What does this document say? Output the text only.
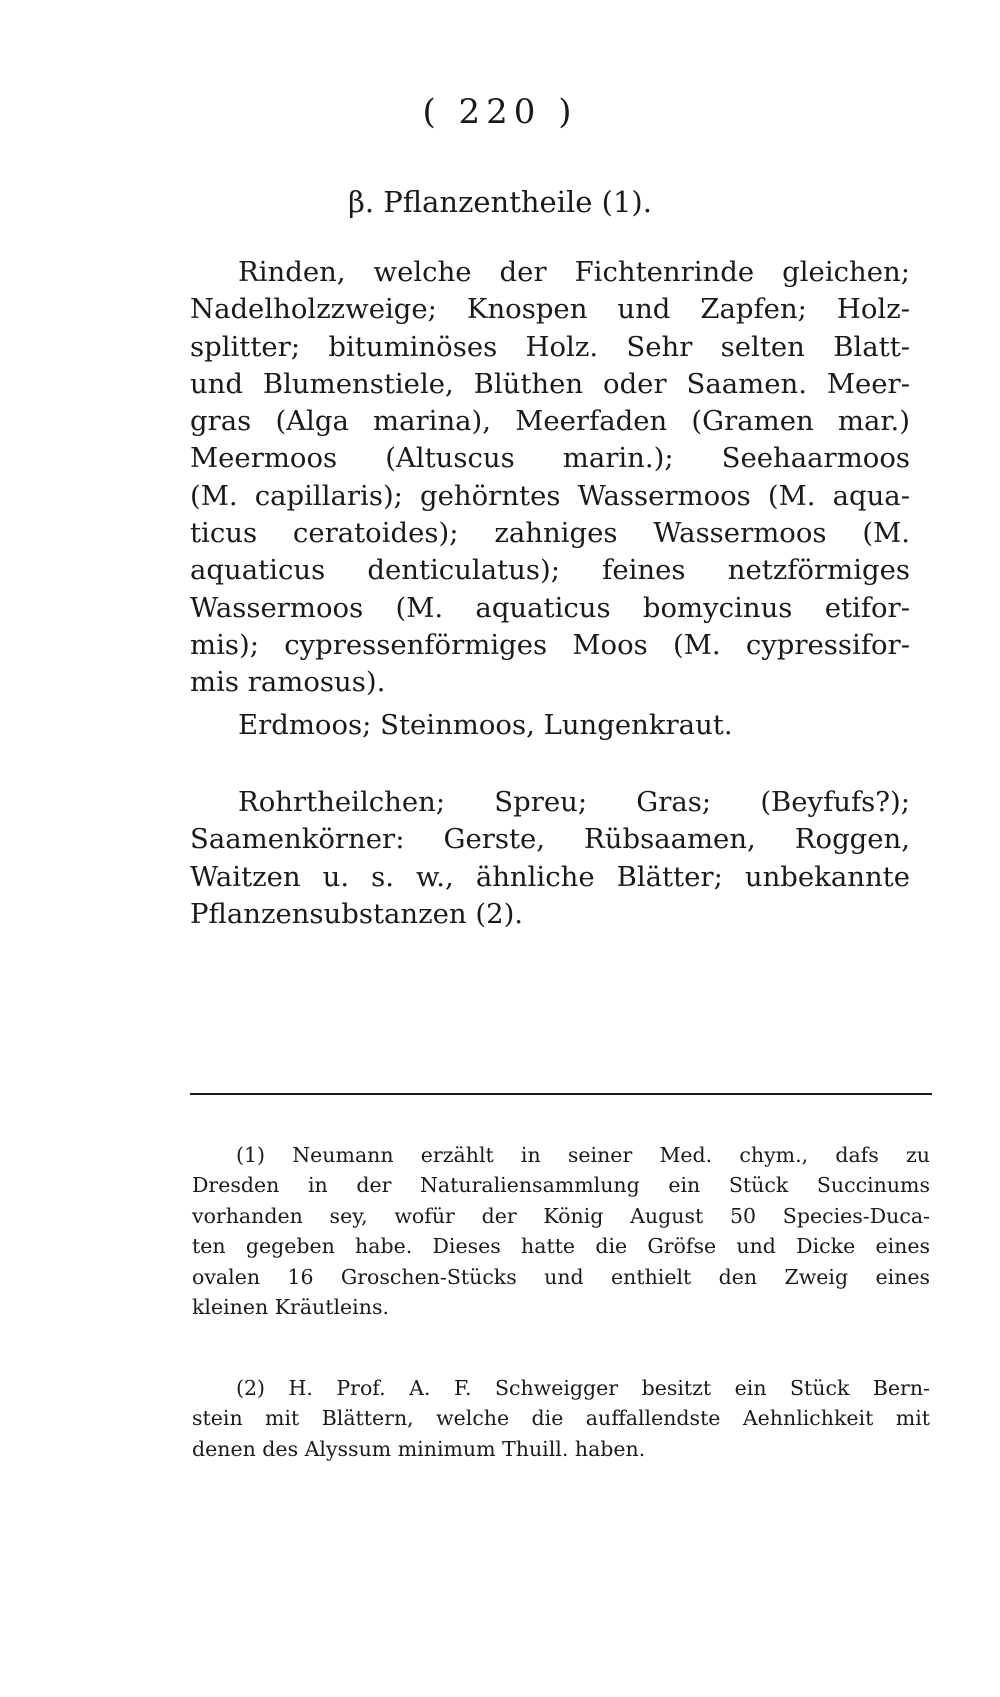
( 220 )
β. Pflanzentheile (1).

Rinden, welche der Fichtenrinde gleichen;
Nadelholzzweige; Knospen und Zapfen; Holz-
splitter; bituminöses Holz. Sehr selten Blatt-
und Blumenstiele, Blüthen oder Saamen. Meer-
gras (Alga marina), Meerfaden (Gramen mar.)
Meermoos (Altuscus marin.); Seehaarmoos
(M. capillaris); gehörntes Wassermoos (M. aqua-
ticus ceratoides); zahniges Wassermoos (M.
aquaticus denticulatus); feines netzförmiges
Wassermoos (M. aquaticus bomycinus etifor-
mis); cypressenförmiges Moos (M. cypressifor-
mis ramosus).

Erdmoos; Steinmoos, Lungenkraut.

Rohrtheilchen; Spreu; Gras; (Beyfufs?);
Saamenkörner: Gerste, Rübsaamen, Roggen,
Waitzen u. s. w., ähnliche Blätter; unbekannte
Pflanzensubstanzen (2).

(1) Neumann erzählt in seiner Med. chym., dafs zu
Dresden in der Naturaliensammlung ein Stück Succinums
vorhanden sey, wofür der König August 50 Species-Duca-
ten gegeben habe. Dieses hatte die Gröfse und Dicke eines
ovalen 16 Groschen-Stücks und enthielt den Zweig eines
kleinen Kräutleins.

(2) H. Prof. A. F. Schweigger besitzt ein Stück Bern-
stein mit Blättern, welche die auffallendste Aehnlichkeit mit
denen des Alyssum minimum Thuill. haben.
